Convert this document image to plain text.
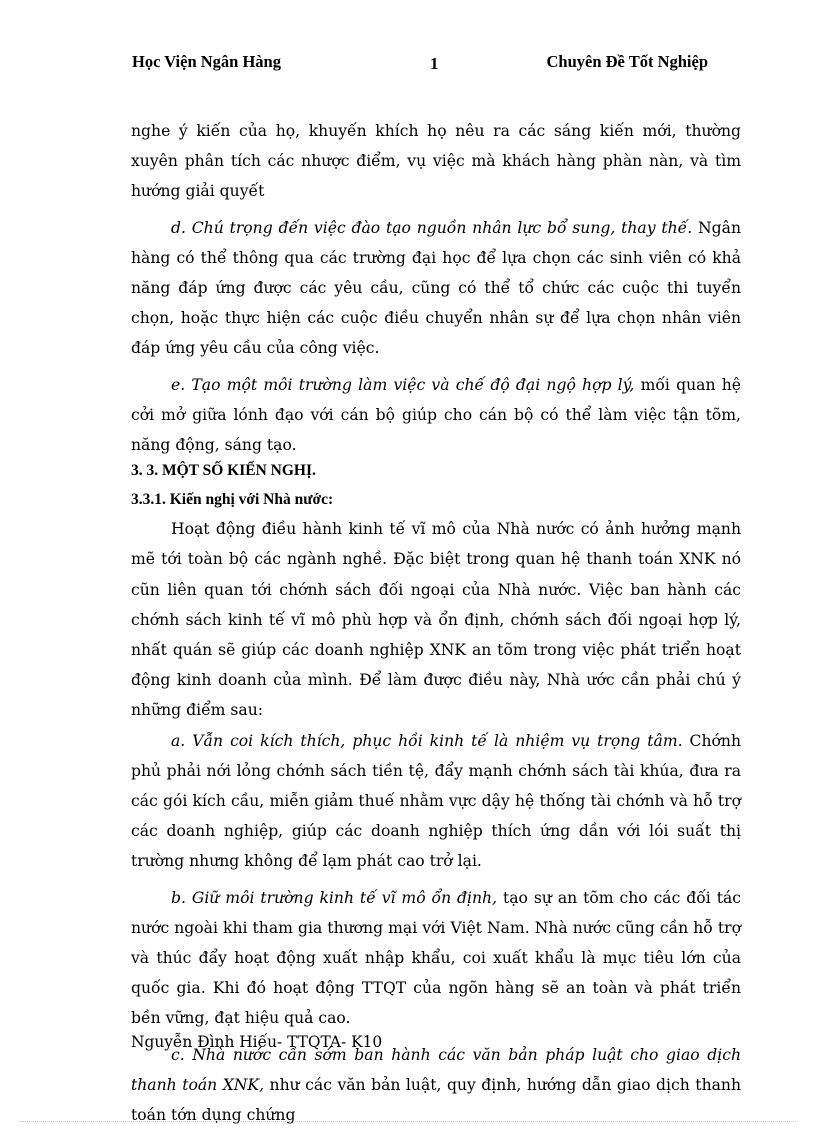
Học Viện Ngân Hàng	1	Chuyên Đề Tốt Nghiệp

nghe ý kiến của họ, khuyến khích họ nêu ra các sáng kiến mới, thường xuyên phân tích các nhược điểm, vụ việc mà khách hàng phàn nàn, và tìm hướng giải quyết

d. Chú trọng đến việc đào tạo nguồn nhân lực bổ sung, thay thế. Ngân hàng có thể thông qua các trường đại học để lựa chọn các sinh viên có khả năng đáp ứng được các yêu cầu, cũng có thể tổ chức các cuộc thi tuyển chọn, hoặc thực hiện các cuộc điều chuyển nhân sự để lựa chọn nhân viên đáp ứng yêu cầu của công việc.

e. Tạo một môi trường làm việc và chế độ đại ngộ hợp lý, mối quan hệ cởi mở giữa lónh đạo với cán bộ giúp cho cán bộ có thể làm việc tận tõm, năng động, sáng tạo.

3. 3. MỘT SỐ KIẾN NGHỊ.

3.3.1. Kiến nghị với Nhà nước:

Hoạt động điều hành kinh tế vĩ mô của Nhà nước có ảnh hưởng mạnh mẽ tới toàn bộ các ngành nghề. Đặc biệt trong quan hệ thanh toán XNK nó cũn liên quan tới chớnh sách đối ngoại của Nhà nước. Việc ban hành các chớnh sách kinh tế vĩ mô phù hợp và ổn định, chớnh sách đối ngoại hợp lý, nhất quán sẽ giúp các doanh nghiệp XNK an tõm trong việc phát triển hoạt động kinh doanh của mình. Để làm được điều này, Nhà ước cần phải chú ý những điểm sau:

a. Vẫn coi kích thích, phục hồi kinh tế là nhiệm vụ trọng tâm. Chớnh phủ phải nới lỏng chớnh sách tiền tệ, đẩy mạnh chớnh sách tài khúa, đưa ra các gói kích cầu, miễn giảm thuế nhằm vực dậy hệ thống tài chớnh và hỗ trợ các doanh nghiệp, giúp các doanh nghiệp thích ứng dần với lói suất thị trường nhưng không để lạm phát cao trở lại.

b. Giữ môi trường kinh tế vĩ mô ổn định, tạo sự an tõm cho các đối tác nước ngoài khi tham gia thương mại với Việt Nam. Nhà nước cũng cần hỗ trợ và thúc đẩy hoạt động xuất nhập khẩu, coi xuất khẩu là mục tiêu lớn của quốc gia. Khi đó hoạt động TTQT của ngõn hàng sẽ an toàn và phát triển bền vững, đạt hiệu quả cao.

c. Nhà nước cần sớm ban hành các văn bản pháp luật cho giao dịch thanh toán XNK, như các văn bản luật, quy định, hướng dẫn giao dịch thanh toán tớn dụng chứng

Nguyễn Đình Hiếu- TTQTA- K10
